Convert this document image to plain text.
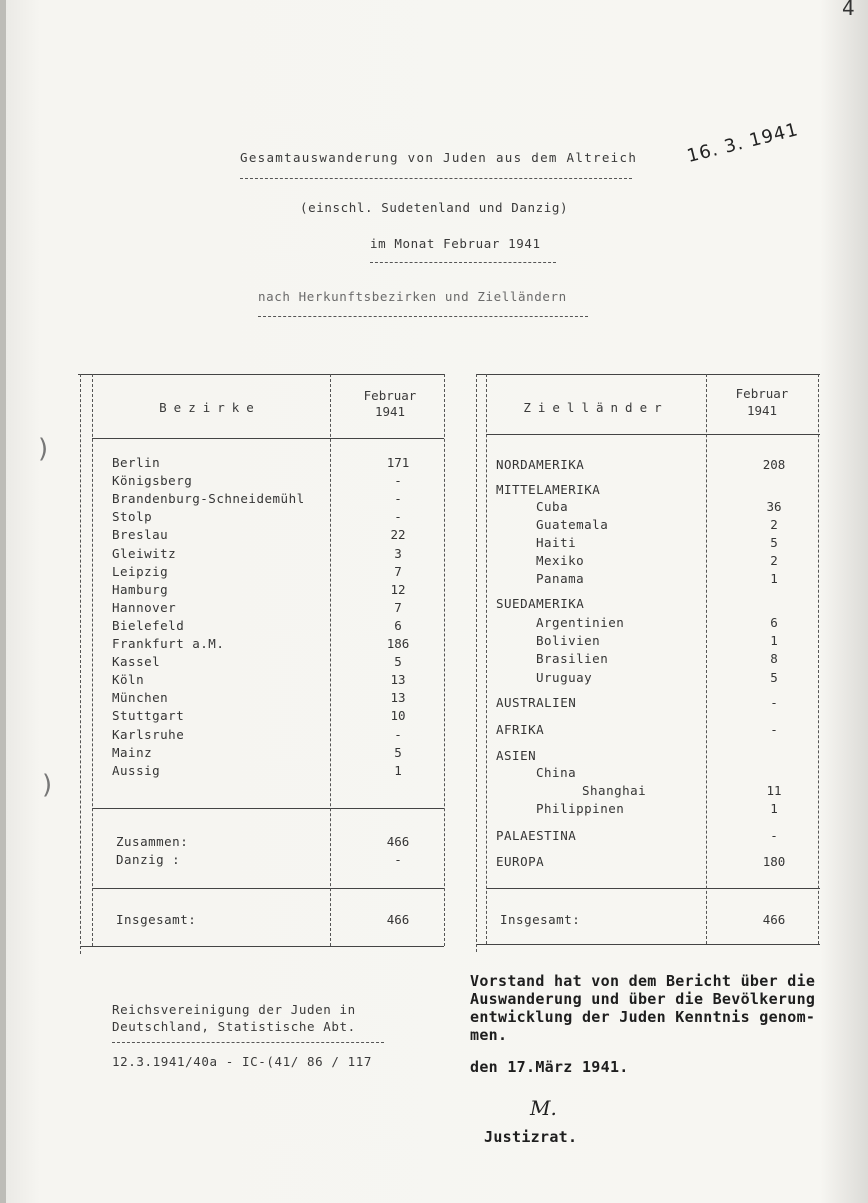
4
16. 3. 1941
Gesamtauswanderung von Juden aus dem Altreich
(einschl. Sudetenland und Danzig)
im Monat Februar 1941
nach Herkunftsbezirken und Zielländern
)
)
Bezirke
Februar
1941
Berlin	171
Königsberg	-
Brandenburg-Schneidemühl	-
Stolp	-
Breslau	22
Gleiwitz	3
Leipzig	7
Hamburg	12
Hannover	7
Bielefeld	6
Frankfurt a.M.	186
Kassel	5
Köln	13
München	13
Stuttgart	10
Karlsruhe	-
Mainz	5
Aussig	1
Zusammen:	466
Danzig :	-
Insgesamt:	466
Zielländer
Februar
1941
NORDAMERIKA	208
MITTELAMERIKA
Cuba	36
Guatemala	2
Haiti	5
Mexiko	2
Panama	1
SUEDAMERIKA
Argentinien	6
Bolivien	1
Brasilien	8
Uruguay	5
AUSTRALIEN	-
AFRIKA	-
ASIEN
China
Shanghai	11
Philippinen	1
PALAESTINA	-
EUROPA	180
Insgesamt:	466
Reichsvereinigung der Juden in
Deutschland, Statistische Abt.
12.3.1941/40a - IC-(41/ 86 / 117
Vorstand hat von dem Bericht über die
Auswanderung und über die Bevölkerung
entwicklung der Juden Kenntnis genom-
men.
den 17.März 1941.
M.
Justizrat.
